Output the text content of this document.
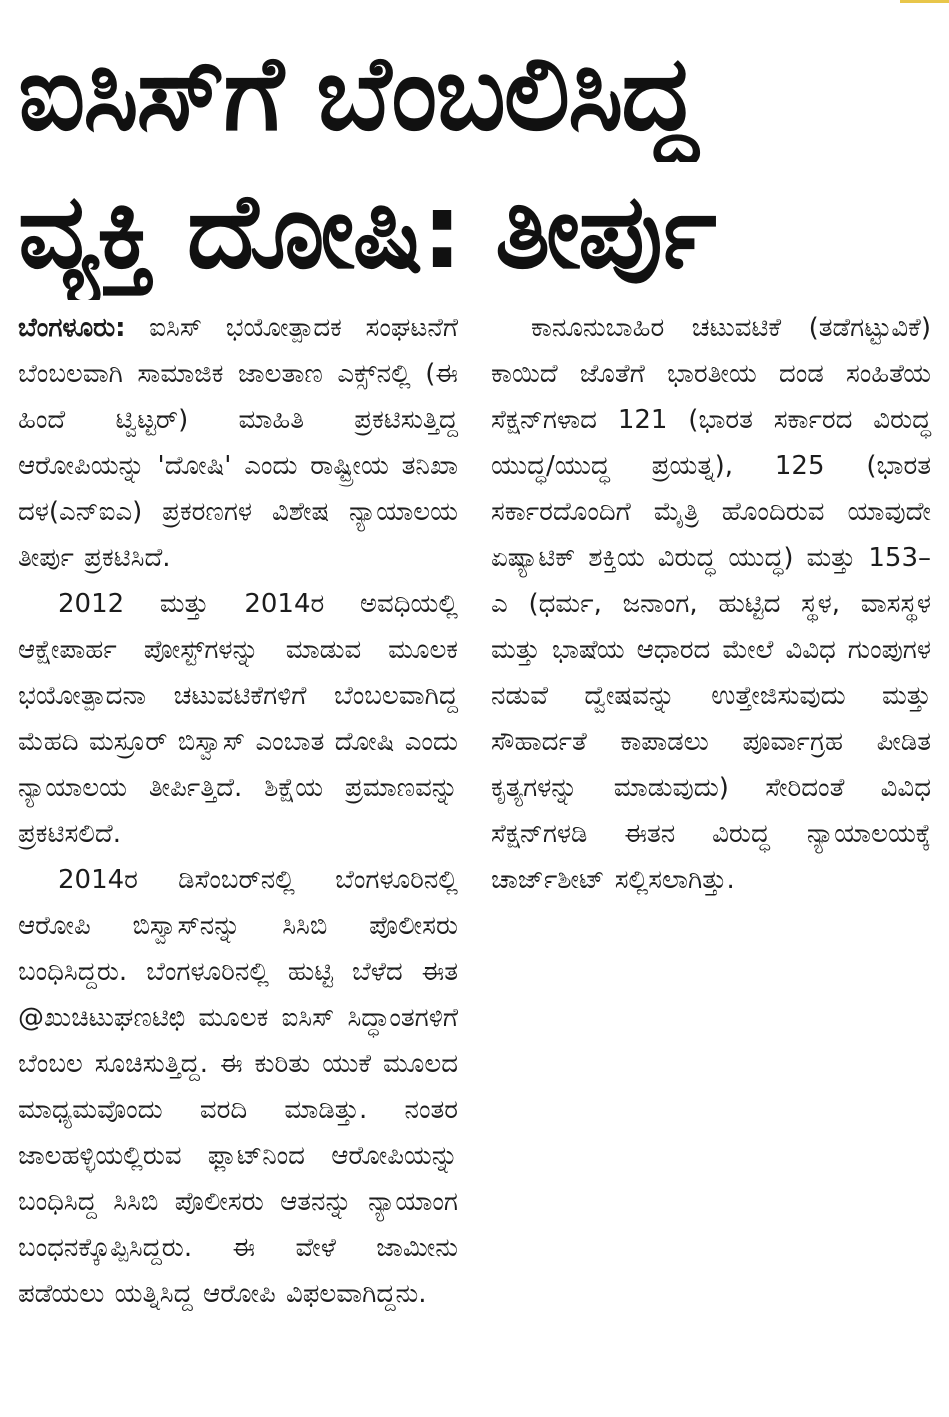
ಐಸಿಸ್‌ಗೆ ಬೆಂಬಲಿಸಿದ್ದ
ವ್ಯಕ್ತಿ ದೋಷಿ: ತೀರ್ಪು

ಬೆಂಗಳೂರು: ಐಸಿಸ್ ಭಯೋತ್ಪಾದಕ ಸಂಘಟನೆಗೆ ಬೆಂಬಲವಾಗಿ ಸಾಮಾಜಿಕ ಜಾಲತಾಣ ಎಕ್ಸ್‌ನಲ್ಲಿ (ಈ ಹಿಂದೆ ಟ್ವಿಟ್ಟರ್) ಮಾಹಿತಿ ಪ್ರಕಟಿಸುತ್ತಿದ್ದ ಆರೋಪಿಯನ್ನು 'ದೋಷಿ' ಎಂದು ರಾಷ್ಟ್ರೀಯ ತನಿಖಾ ದಳ(ಎನ್‌ಐಎ) ಪ್ರಕರಣಗಳ ವಿಶೇಷ ನ್ಯಾಯಾಲಯ ತೀರ್ಪು ಪ್ರಕಟಿಸಿದೆ.

2012 ಮತ್ತು 2014ರ ಅವಧಿಯಲ್ಲಿ ಆಕ್ಷೇಪಾರ್ಹ ಪೋಸ್ಟ್‌ಗಳನ್ನು ಮಾಡುವ ಮೂಲಕ ಭಯೋತ್ಪಾದನಾ ಚಟುವಟಿಕೆಗಳಿಗೆ ಬೆಂಬಲವಾಗಿದ್ದ ಮೆಹದಿ ಮಸ್ರೂರ್ ಬಿಸ್ವಾಸ್ ಎಂಬಾತ ದೋಷಿ ಎಂದು ನ್ಯಾಯಾಲಯ ತೀರ್ಪಿತ್ತಿದೆ. ಶಿಕ್ಷೆಯ ಪ್ರಮಾಣವನ್ನು ಪ್ರಕಟಿಸಲಿದೆ.

2014ರ ಡಿಸೆಂಬರ್‌ನಲ್ಲಿ ಬೆಂಗಳೂರಿನಲ್ಲಿ ಆರೋಪಿ ಬಿಸ್ವಾಸ್‌ನನ್ನು ಸಿಸಿಬಿ ಪೊಲೀಸರು ಬಂಧಿಸಿದ್ದರು. ಬೆಂಗಳೂರಿನಲ್ಲಿ ಹುಟ್ಟಿ ಬೆಳೆದ ಈತ @ಖುಚಿಟುಘಣಟಿಛಿ ಮೂಲಕ ಐಸಿಸ್ ಸಿದ್ಧಾಂತಗಳಿಗೆ ಬೆಂಬಲ ಸೂಚಿಸುತ್ತಿದ್ದ. ಈ ಕುರಿತು ಯುಕೆ ಮೂಲದ ಮಾಧ್ಯಮವೊಂದು ವರದಿ ಮಾಡಿತ್ತು. ನಂತರ ಜಾಲಹಳ್ಳಿಯಲ್ಲಿರುವ ಫ್ಲಾಟ್‌ನಿಂದ ಆರೋಪಿಯನ್ನು ಬಂಧಿಸಿದ್ದ ಸಿಸಿಬಿ ಪೊಲೀಸರು ಆತನನ್ನು ನ್ಯಾಯಾಂಗ ಬಂಧನಕ್ಕೊಪ್ಪಿಸಿದ್ದರು. ಈ ವೇಳೆ ಜಾಮೀನು ಪಡೆಯಲು ಯತ್ನಿಸಿದ್ದ ಆರೋಪಿ ವಿಫಲವಾಗಿದ್ದನು.

ಕಾನೂನುಬಾಹಿರ ಚಟುವಟಿಕೆ (ತಡೆಗಟ್ಟುವಿಕೆ) ಕಾಯಿದೆ ಜೊತೆಗೆ ಭಾರತೀಯ ದಂಡ ಸಂಹಿತೆಯ ಸೆಕ್ಷನ್‌ಗಳಾದ 121 (ಭಾರತ ಸರ್ಕಾರದ ವಿರುದ್ಧ ಯುದ್ಧ/ಯುದ್ಧ ಪ್ರಯತ್ನ), 125 (ಭಾರತ ಸರ್ಕಾರದೊಂದಿಗೆ ಮೈತ್ರಿ ಹೊಂದಿರುವ ಯಾವುದೇ ಏಷ್ಯಾಟಿಕ್ ಶಕ್ತಿಯ ವಿರುದ್ಧ ಯುದ್ಧ) ಮತ್ತು 153–ಎ (ಧರ್ಮ, ಜನಾಂಗ, ಹುಟ್ಟಿದ ಸ್ಥಳ, ವಾಸಸ್ಥಳ ಮತ್ತು ಭಾಷೆಯ ಆಧಾರದ ಮೇಲೆ ವಿವಿಧ ಗುಂಪುಗಳ ನಡುವೆ ದ್ವೇಷವನ್ನು ಉತ್ತೇಜಿಸುವುದು ಮತ್ತು ಸೌಹಾರ್ದತೆ ಕಾಪಾಡಲು ಪೂರ್ವಾಗ್ರಹ ಪೀಡಿತ ಕೃತ್ಯಗಳನ್ನು ಮಾಡುವುದು) ಸೇರಿದಂತೆ ವಿವಿಧ ಸೆಕ್ಷನ್‌ಗಳಡಿ ಈತನ ವಿರುದ್ಧ ನ್ಯಾಯಾಲಯಕ್ಕೆ ಚಾರ್ಜ್‌ಶೀಟ್ ಸಲ್ಲಿಸಲಾಗಿತ್ತು.
